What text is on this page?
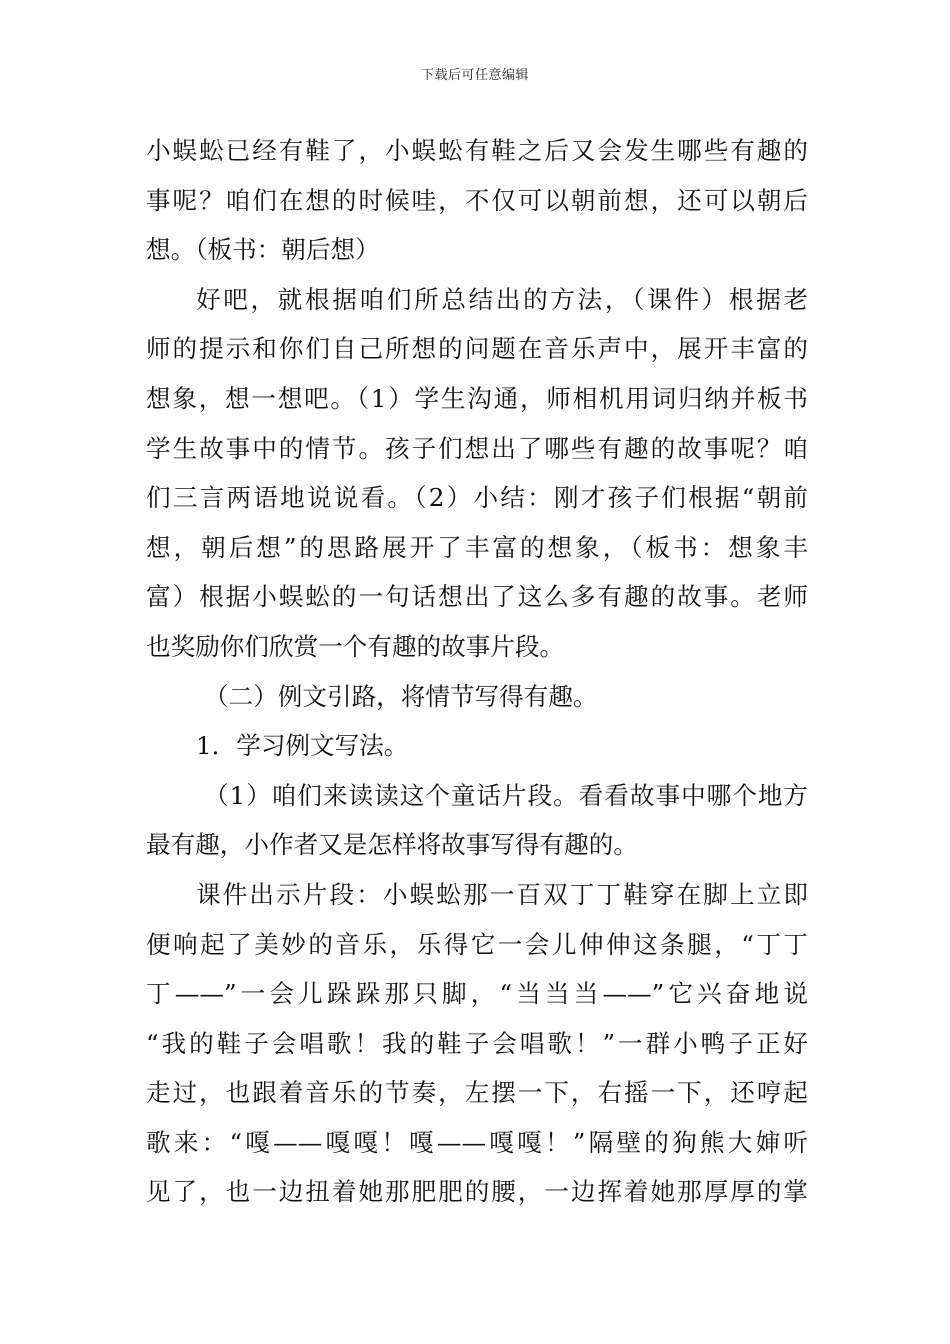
下载后可任意编辑
小蜈蚣已经有鞋了，小蜈蚣有鞋之后又会发生哪些有趣的
事呢？咱们在想的时候哇，不仅可以朝前想，还可以朝后
想。（板书：朝后想）
好吧，就根据咱们所总结出的方法，（课件）根据老
师的提示和你们自己所想的问题在音乐声中，展开丰富的
想象，想一想吧。（1）学生沟通，师相机用词归纳并板书
学生故事中的情节。孩子们想出了哪些有趣的故事呢？咱
们三言两语地说说看。（2）小结：刚才孩子们根据“朝前
想，朝后想”的思路展开了丰富的想象，（板书：想象丰
富）根据小蜈蚣的一句话想出了这么多有趣的故事。老师
也奖励你们欣赏一个有趣的故事片段。
（二）例文引路，将情节写得有趣。
1．学习例文写法。
（1）咱们来读读这个童话片段。看看故事中哪个地方
最有趣，小作者又是怎样将故事写得有趣的。
课件出示片段：小蜈蚣那一百双丁丁鞋穿在脚上立即
便响起了美妙的音乐，乐得它一会儿伸伸这条腿，“丁丁
丁——”一会儿跺跺那只脚，“当当当——”它兴奋地说
“我的鞋子会唱歌！我的鞋子会唱歌！”一群小鸭子正好
走过，也跟着音乐的节奏，左摆一下，右摇一下，还哼起
歌来：“嘎——嘎嘎！嘎——嘎嘎！”隔壁的狗熊大婶听
见了，也一边扭着她那肥肥的腰，一边挥着她那厚厚的掌
